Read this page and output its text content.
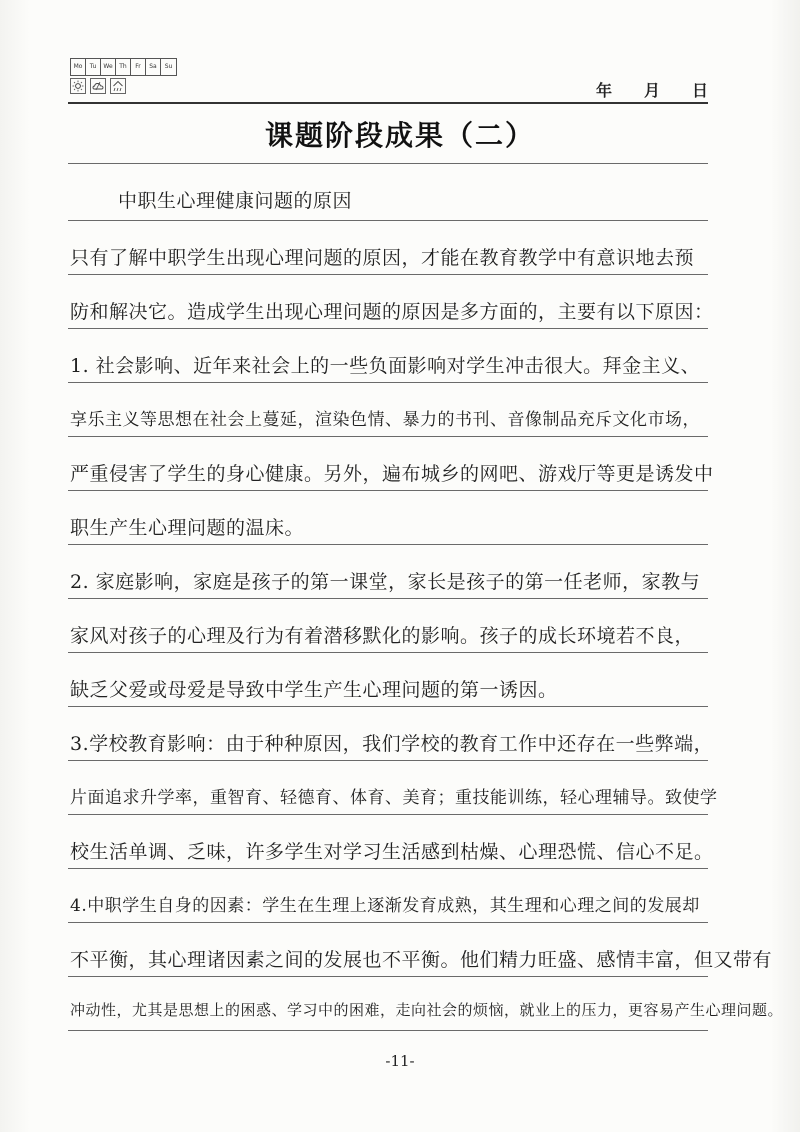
Mo	Tu	We	Th	Fr	Sa	Su
年 月 日
课题阶段成果（二）
中职生心理健康问题的原因
只有了解中职学生出现心理问题的原因，才能在教育教学中有意识地去预
防和解决它。造成学生出现心理问题的原因是多方面的，主要有以下原因：
1. 社会影响、近年来社会上的一些负面影响对学生冲击很大。拜金主义、
享乐主义等思想在社会上蔓延，渲染色情、暴力的书刊、音像制品充斥文化市场，
严重侵害了学生的身心健康。另外，遍布城乡的网吧、游戏厅等更是诱发中
职生产生心理问题的温床。
2. 家庭影响，家庭是孩子的第一课堂，家长是孩子的第一任老师，家教与
家风对孩子的心理及行为有着潜移默化的影响。孩子的成长环境若不良，
缺乏父爱或母爱是导致中学生产生心理问题的第一诱因。
3.学校教育影响：由于种种原因，我们学校的教育工作中还存在一些弊端，
片面追求升学率，重智育、轻德育、体育、美育；重技能训练，轻心理辅导。致使学
校生活单调、乏味，许多学生对学习生活感到枯燥、心理恐慌、信心不足。
4.中职学生自身的因素：学生在生理上逐渐发育成熟，其生理和心理之间的发展却
不平衡，其心理诸因素之间的发展也不平衡。他们精力旺盛、感情丰富，但又带有
冲动性，尤其是思想上的困惑、学习中的困难，走向社会的烦恼，就业上的压力，更容易产生心理问题。
-11-
